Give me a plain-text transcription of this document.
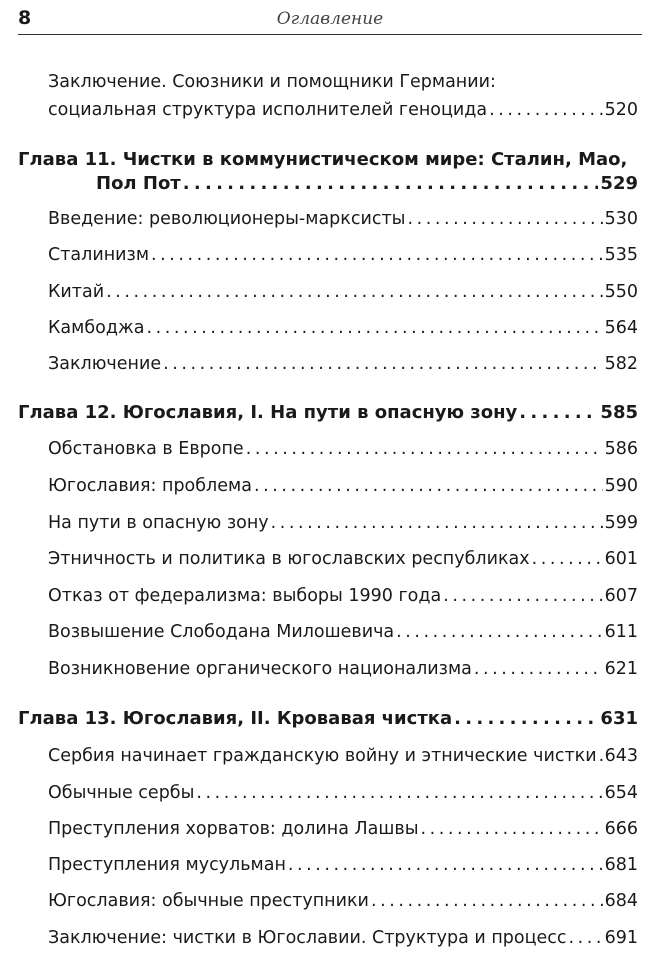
8	Оглавление
Заключение. Союзники и помощники Германии:
социальная структура исполнителей геноцида . . .	520
Глава 11. Чистки в коммунистическом мире: Сталин, Мао,
Пол Пот . . .	529
Введение: революционеры-марксисты . . .	530
Сталинизм . . .	535
Китай . . .	550
Камбоджа . . .	564
Заключение . . .	582
Глава 12. Югославия, I. На пути в опасную зону . . .	585
Обстановка в Европе . . .	586
Югославия: проблема . . .	590
На пути в опасную зону . . .	599
Этничность и политика в югославских республиках . . .	601
Отказ от федерализма: выборы 1990 года . . .	607
Возвышение Слободана Милошевича . . .	611
Возникновение органического национализма . . .	621
Глава 13. Югославия, II. Кровавая чистка . . .	631
Сербия начинает гражданскую войну и этнические чистки . . . 643
Обычные сербы . . .	654
Преступления хорватов: долина Лашвы . . .	666
Преступления мусульман . . .	681
Югославия: обычные преступники . . .	684
Заключение: чистки в Югославии. Структура и процесс . . . 691
